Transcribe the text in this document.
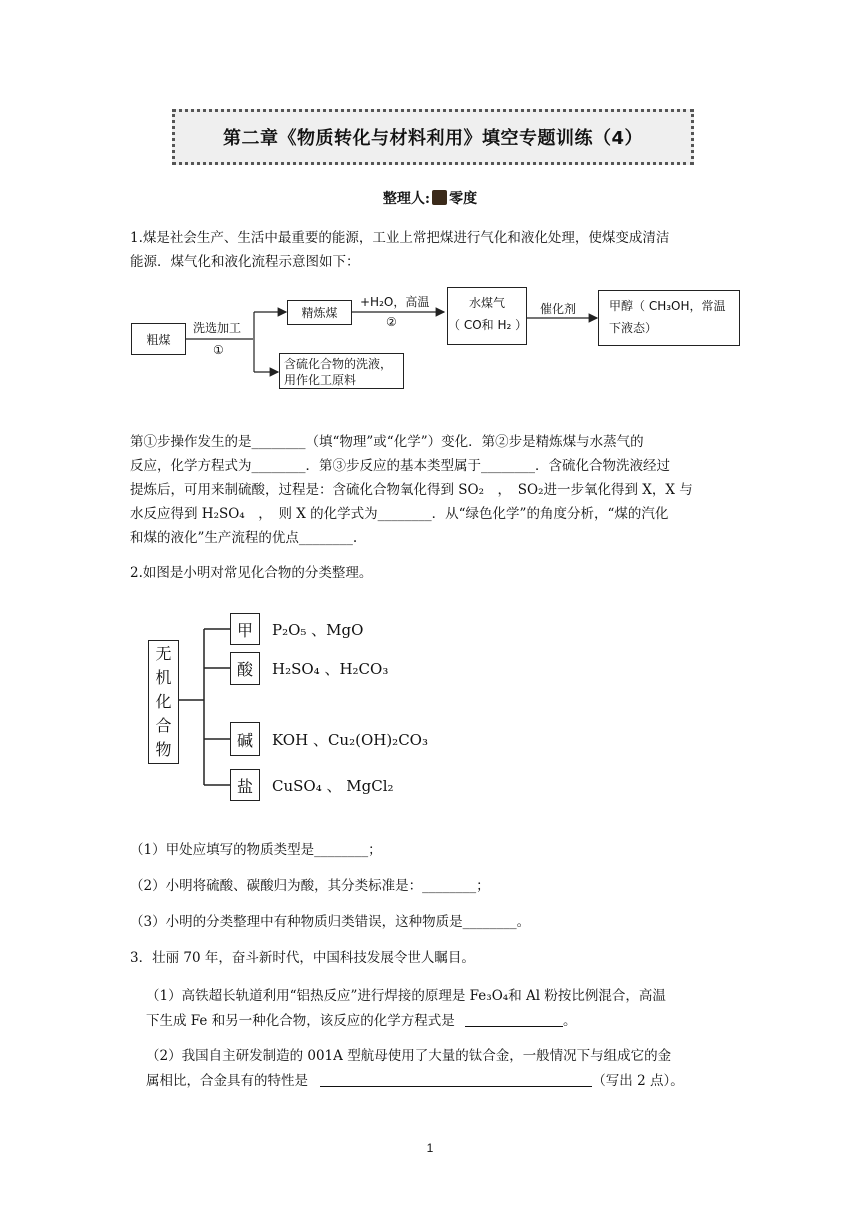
第二章《物质转化与材料利用》填空专题训练（4）
整理人: 零度
1.煤是社会生产、生活中最重要的能源，工业上常把煤进行气化和液化处理，使煤变成清洁
能源．煤气化和液化流程示意图如下：
粗煤
洗选加工
①
精炼煤
+H₂O，高温
②
水煤气
（ CO和 H₂ ）
催化剂	甲醇（ CH₃OH，常温
下液态）
含硫化合物的洗液，
用作化工原料
第①步操作发生的是________（填“物理”或“化学”）变化．第②步是精炼煤与水蒸气的
反应，化学方程式为________．第③步反应的基本类型属于________．含硫化合物洗液经过
提炼后，可用来制硫酸，过程是：含硫化合物氧化得到 SO₂　，　SO₂进一步氧化得到 X，X 与
水反应得到 H₂SO₄　，　则 X 的化学式为________．从“绿色化学”的角度分析，“煤的汽化
和煤的液化”生产流程的优点________.
2.如图是小明对常见化合物的分类整理。
无
机
化
合
物
甲 P₂O₅ 、MgO
酸 H₂SO₄ 、H₂CO₃
碱 KOH 、Cu₂(OH)₂CO₃
盐 CuSO₄ 、 MgCl₂
（1）甲处应填写的物质类型是________；
（2）小明将硫酸、碳酸归为酸，其分类标准是：________；
（3）小明的分类整理中有种物质归类错误，这种物质是________。
3．壮丽 70 年，奋斗新时代，中国科技发展令世人瞩目。
（1）高铁超长轨道利用“铝热反应”进行焊接的原理是 Fe₃O₄和 Al 粉按比例混合，高温
下生成 Fe 和另一种化合物，该反应的化学方程式是	。
（2）我国自主研发制造的 001A 型航母使用了大量的钛合金，一般情况下与组成它的金
属相比，合金具有的特性是	（写出 2 点）。
1
